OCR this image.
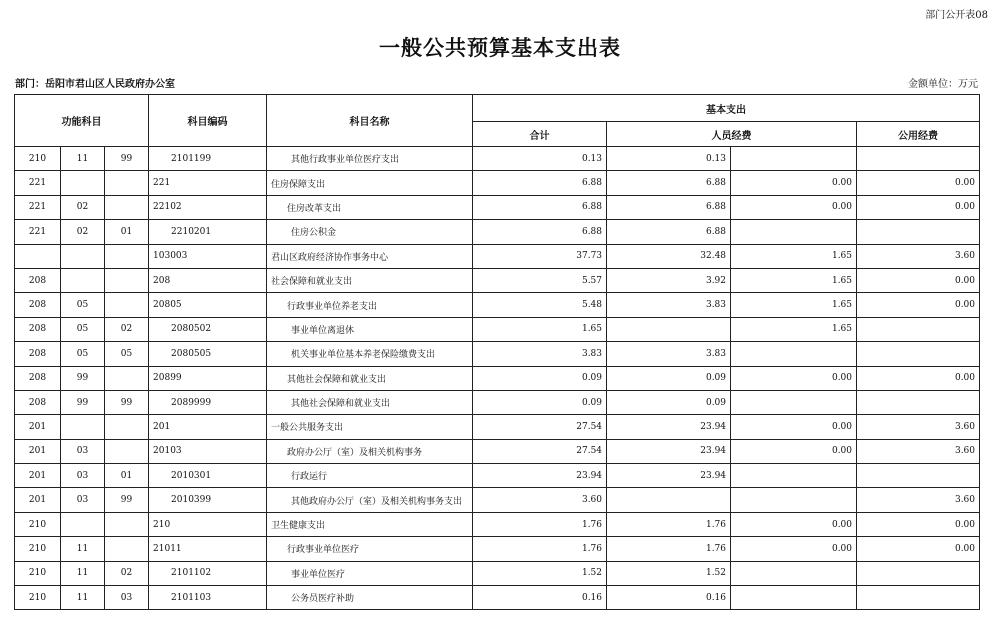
部门公开表08
一般公共预算基本支出表
部门：岳阳市君山区人民政府办公室	金额单位：万元
功能科目			科目编码	科目名称	基本支出			
					合计	人员经费		公用经费
210	11	99	2101199	其他行政事业单位医疗支出	0.13	0.13		
221			221	住房保障支出	6.88	6.88	0.00	0.00
221	02		22102	住房改革支出	6.88	6.88	0.00	0.00
221	02	01	2210201	住房公积金	6.88	6.88		
			103003	君山区政府经济协作事务中心	37.73	32.48	1.65	3.60
208			208	社会保障和就业支出	5.57	3.92	1.65	0.00
208	05		20805	行政事业单位养老支出	5.48	3.83	1.65	0.00
208	05	02	2080502	事业单位离退休	1.65		1.65	
208	05	05	2080505	机关事业单位基本养老保险缴费支出	3.83	3.83		
208	99		20899	其他社会保障和就业支出	0.09	0.09	0.00	0.00
208	99	99	2089999	其他社会保障和就业支出	0.09	0.09		
201			201	一般公共服务支出	27.54	23.94	0.00	3.60
201	03		20103	政府办公厅（室）及相关机构事务	27.54	23.94	0.00	3.60
201	03	01	2010301	行政运行	23.94	23.94		
201	03	99	2010399	其他政府办公厅（室）及相关机构事务支出	3.60			3.60
210			210	卫生健康支出	1.76	1.76	0.00	0.00
210	11		21011	行政事业单位医疗	1.76	1.76	0.00	0.00
210	11	02	2101102	事业单位医疗	1.52	1.52		
210	11	03	2101103	公务员医疗补助	0.16	0.16		
